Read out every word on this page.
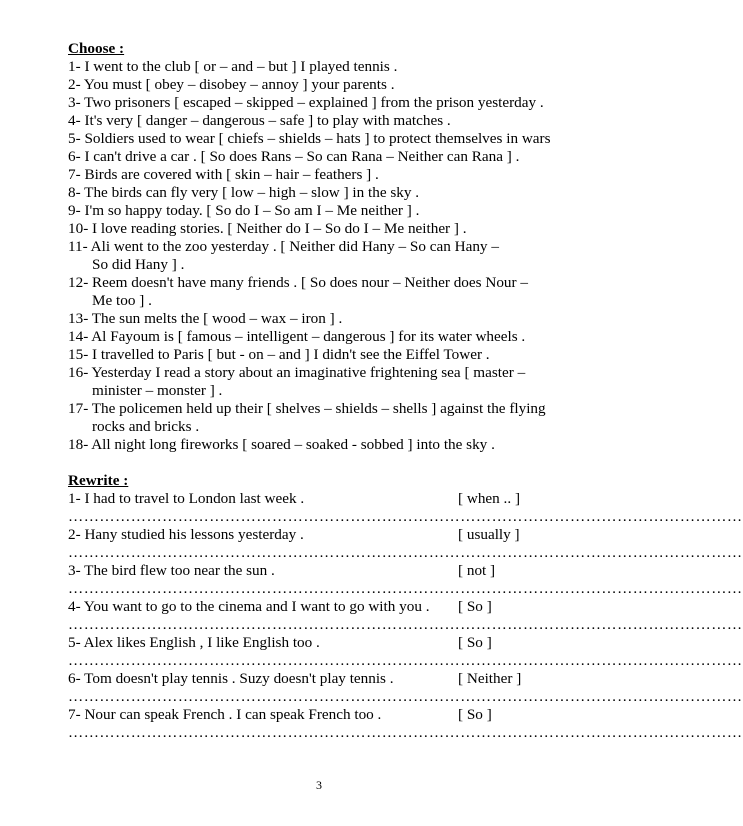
Choose :
1- I went to the club [ or – and – but ] I played tennis .
2- You must [ obey – disobey – annoy ] your parents .
3- Two prisoners [ escaped – skipped – explained ] from the prison yesterday .
4- It's very [ danger – dangerous – safe ] to play with matches .
5- Soldiers used to wear [ chiefs – shields – hats ] to protect themselves in wars
6- I can't drive a car . [ So does Rans – So can Rana – Neither can Rana ] .
7- Birds are covered with [ skin – hair – feathers ] .
8- The birds can fly very [ low – high – slow ] in the sky .
9- I'm so happy today. [ So do I – So am I – Me neither ] .
10- I love reading stories. [ Neither do I – So do I – Me neither ] .
11- Ali went to the zoo yesterday . [ Neither did Hany – So can Hany –
So did Hany ] .
12- Reem doesn't have many friends . [ So does nour – Neither does Nour –
Me too ] .
13- The sun melts the [ wood – wax – iron ] .
14- Al Fayoum is [ famous – intelligent – dangerous ] for its water wheels .
15- I travelled to Paris [ but - on – and ] I didn't see the Eiffel Tower .
16- Yesterday I read a story about an imaginative frightening sea [ master –
minister – monster ] .
17- The policemen held up their [ shelves – shields – shells ] against the flying
rocks and bricks .
18- All night long fireworks [ soared – soaked - sobbed ] into the sky .
Rewrite :
1- I had to travel to London last week .	[ when .. ]
…………………………………………………………………………………………………………………
2- Hany studied his lessons yesterday .	[ usually ]
…………………………………………………………………………………………………………………
3- The bird flew too near the sun .	[ not ]
…………………………………………………………………………………………………………………
4- You want to go to the cinema and I want to go with you . [ So ]
…………………………………………………………………………………………………………………
5- Alex likes English , I like English too .	[ So ]
…………………………………………………………………………………………………………………
6- Tom doesn't play tennis . Suzy doesn't play tennis .	[ Neither ]
…………………………………………………………………………………………………………………
7- Nour can speak French . I can speak French too .	[ So ]
…………………………………………………………………………………………………………………
3
